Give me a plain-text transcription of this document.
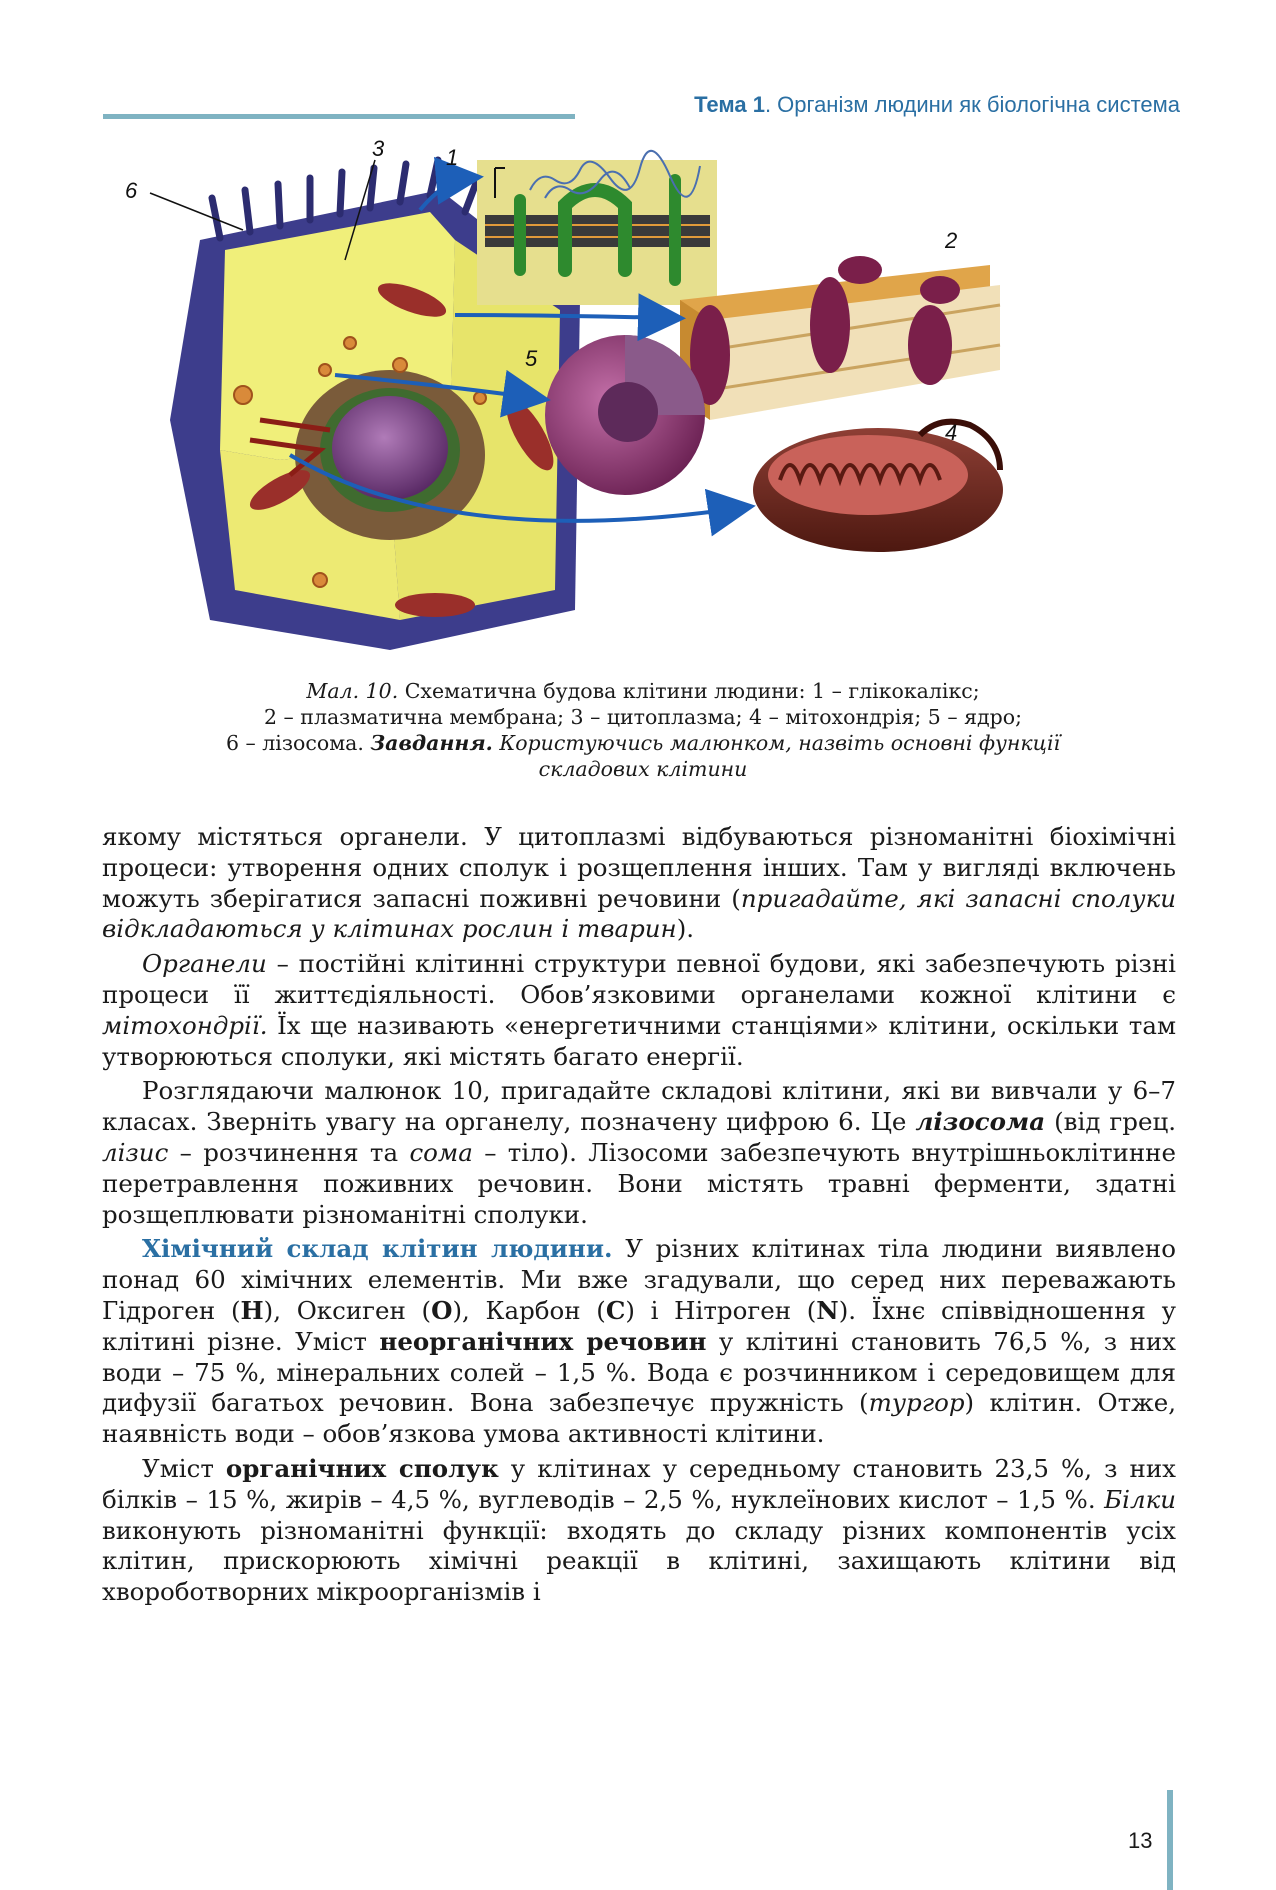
Тема 1. Організм людини як біологічна система
1
2
3
4
5
6
Мал. 10. Схематична будова клітини людини: 1 – глікокалікс;
2 – плазматична мембрана; 3 – цитоплазма; 4 – мітохондрія; 5 – ядро;
6 – лізосома. Завдання. Користуючись малюнком, назвіть основні функції
складових клітини

якому містяться органели. У цитоплазмі відбуваються різноманітні біохімічні процеси: утворення одних сполук і розщеплення інших. Там у вигляді включень можуть зберігатися запасні поживні речовини (пригадайте, які запасні сполуки відкладаються у клітинах рослин і тварин).

Органели – постійні клітинні структури певної будови, які забезпечують різні процеси її життєдіяльності. Обов’язковими органелами кожної клітини є мітохондрії. Їх ще називають «енергетичними станціями» клітини, оскільки там утворюються сполуки, які містять багато енергії.

Розглядаючи малюнок 10, пригадайте складові клітини, які ви вивчали у 6–7 класах. Зверніть увагу на органелу, позначену цифрою 6. Це лізосома (від грец. лізис – розчинення та сома – тіло). Лізосоми забезпечують внутрішньоклітинне перетравлення поживних речовин. Вони містять травні ферменти, здатні розщеплювати різноманітні сполуки.

Хімічний склад клітин людини. У різних клітинах тіла людини виявлено понад 60 хімічних елементів. Ми вже згадували, що серед них переважають Гідроген (H), Оксиген (O), Карбон (C) і Нітроген (N). Їхнє співвідношення у клітині різне. Уміст неорганічних речовин у клітині становить 76,5 %, з них води – 75 %, мінеральних солей – 1,5 %. Вода є розчинником і середовищем для дифузії багатьох речовин. Вона забезпечує пружність (тургор) клітин. Отже, наявність води – обов’язкова умова активності клітини.

Уміст органічних сполук у клітинах у середньому становить 23,5 %, з них білків – 15 %, жирів – 4,5 %, вуглеводів – 2,5 %, нуклеїнових кислот – 1,5 %. Білки виконують різноманітні функції: входять до складу різних компонентів усіх клітин, прискорюють хімічні реакції в клітині, захищають клітини від хвороботворних мікроорганізмів і

13
